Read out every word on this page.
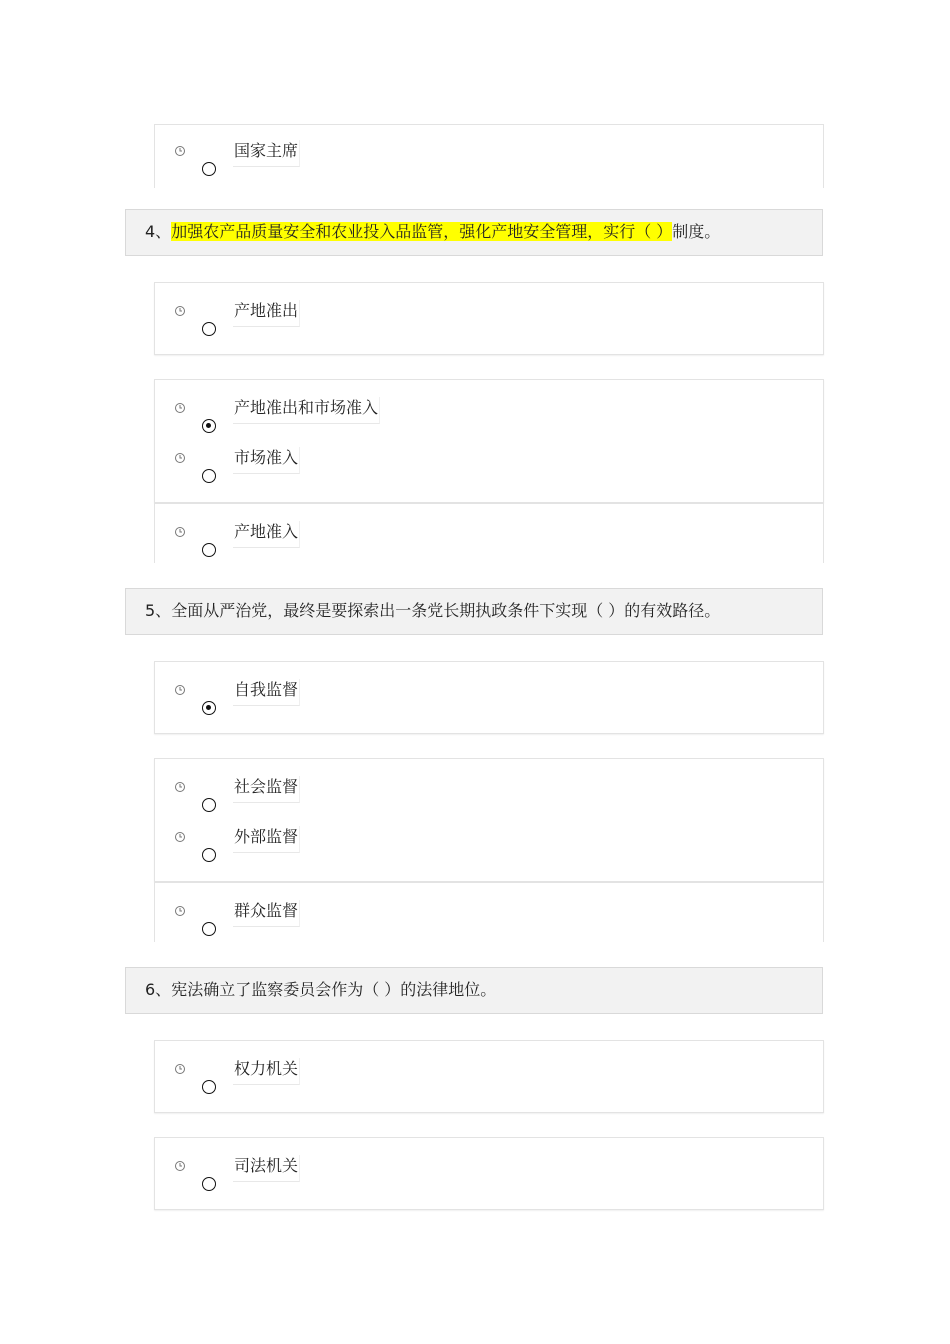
国家主席
4、加强农产品质量安全和农业投入品监管，强化产地安全管理，实行（ ）制度。
产地准出
产地准出和市场准入
市场准入
产地准入
5、全面从严治党，最终是要探索出一条党长期执政条件下实现（ ）的有效路径。
自我监督
社会监督
外部监督
群众监督
6、宪法确立了监察委员会作为（ ）的法律地位。
权力机关
司法机关
